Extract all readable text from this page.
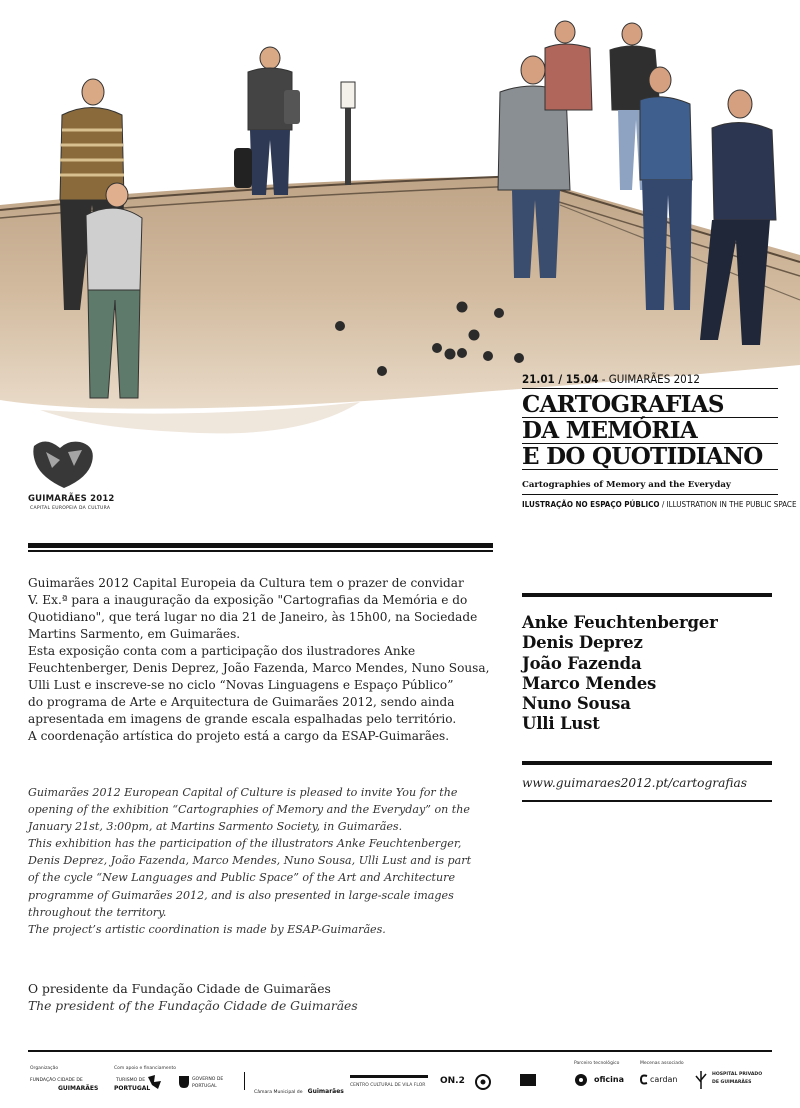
GUIMARÃES 2012
CAPITAL EUROPEIA DA CULTURA
21.01 / 15.04 - GUIMARÃES 2012
CARTOGRAFIAS
DA MEMÓRIA
E DO QUOTIDIANO
Cartographies of Memory and the Everyday
ILUSTRAÇÃO NO ESPAÇO PÚBLICO / ILLUSTRATION IN THE PUBLIC SPACE
Guimarães 2012 Capital Europeia da Cultura tem o prazer de convidar
V. Ex.ª para a inauguração da exposição "Cartografias da Memória e do
Quotidiano", que terá lugar no dia 21 de Janeiro, às 15h00, na Sociedade
Martins Sarmento, em Guimarães.
Esta exposição conta com a participação dos ilustradores Anke
Feuchtenberger, Denis Deprez, João Fazenda, Marco Mendes, Nuno Sousa,
Ulli Lust e inscreve-se no ciclo “Novas Linguagens e Espaço Público”
do programa de Arte e Arquitectura de Guimarães 2012, sendo ainda
apresentada em imagens de grande escala espalhadas pelo território.
A coordenação artística do projeto está a cargo da ESAP-Guimarães.
Guimarães 2012 European Capital of Culture is pleased to invite You for the
opening of the exhibition “Cartographies of Memory and the Everyday” on the
January 21st, 3:00pm, at Martins Sarmento Society, in Guimarães.
This exhibition has the participation of the illustrators Anke Feuchtenberger,
Denis Deprez, João Fazenda, Marco Mendes, Nuno Sousa, Ulli Lust and is part
of the cycle “New Languages and Public Space” of the Art and Architecture
programme of Guimarães 2012, and is also presented in large-scale images
throughout the territory.
The project’s artistic coordination is made by ESAP-Guimarães.
O presidente da Fundação Cidade de Guimarães
The president of the Fundação Cidade de Guimarães
Anke Feuchtenberger
Denis Deprez
João Fazenda
Marco Mendes
Nuno Sousa
Ulli Lust
www.guimaraes2012.pt/cartografias
Organização
FUNDAÇÃO CIDADE DE
GUIMARÃES
Com apoio e financiamento
TURISMO DE
PORTUGAL
GOVERNO DE
PORTUGAL
Câmara Municipal de Guimarães
CENTRO CULTURAL DE VILA FLOR ON.2
Parceiro tecnológico
oficina
Mecenas associado
cardan
HOSPITAL PRIVADO
DE GUIMARÃES
